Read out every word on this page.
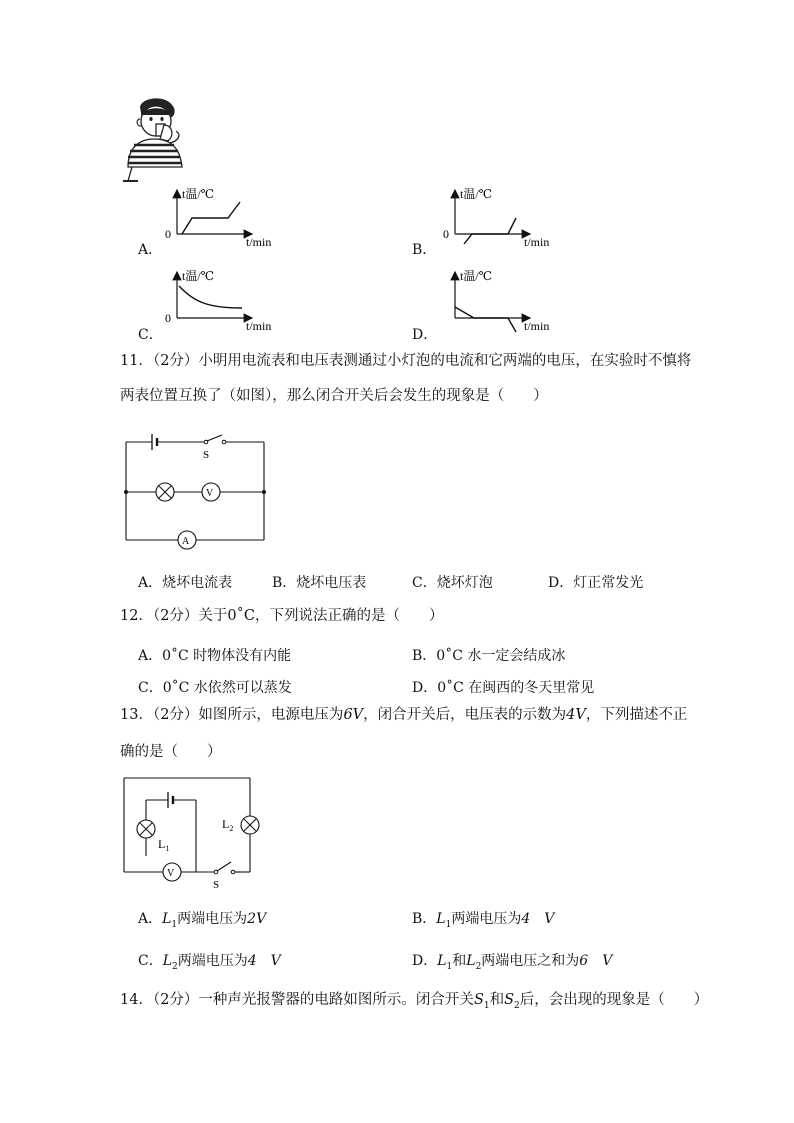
A．
t温/℃
0
t/min	B．
t温/℃
0
t/min
C．
t温/℃
0
t/min
D．
t温/℃
t/min
11．（2分）小明用电流表和电压表测通过小灯泡的电流和它两端的电压，在实验时不慎将
两表位置互换了（如图），那么闭合开关后会发生的现象是（　　）
S
V
A
A．烧坏电流表	B．烧坏电压表	C．烧坏灯泡	D．灯正常发光
12．（2分）关于0˚C，下列说法正确的是（　　）
A．0˚C 时物体没有内能	B．0˚C 水一定会结成冰
C．0˚C 水依然可以蒸发	D．0˚C 在闽西的冬天里常见
13．（2分）如图所示，电源电压为6V，闭合开关后，电压表的示数为4V，下列描述不正
确的是（　　）
$L_2$
$L_1$
V
S
A．$L_1$两端电压为2V	B．$L_1$两端电压为4　V
C．$L_2$两端电压为4　V	D．$L_1$和$L_2$两端电压之和为6　V
14．（2分）一种声光报警器的电路如图所示。闭合开关$S_1$和$S_2$后，会出现的现象是（　　）
